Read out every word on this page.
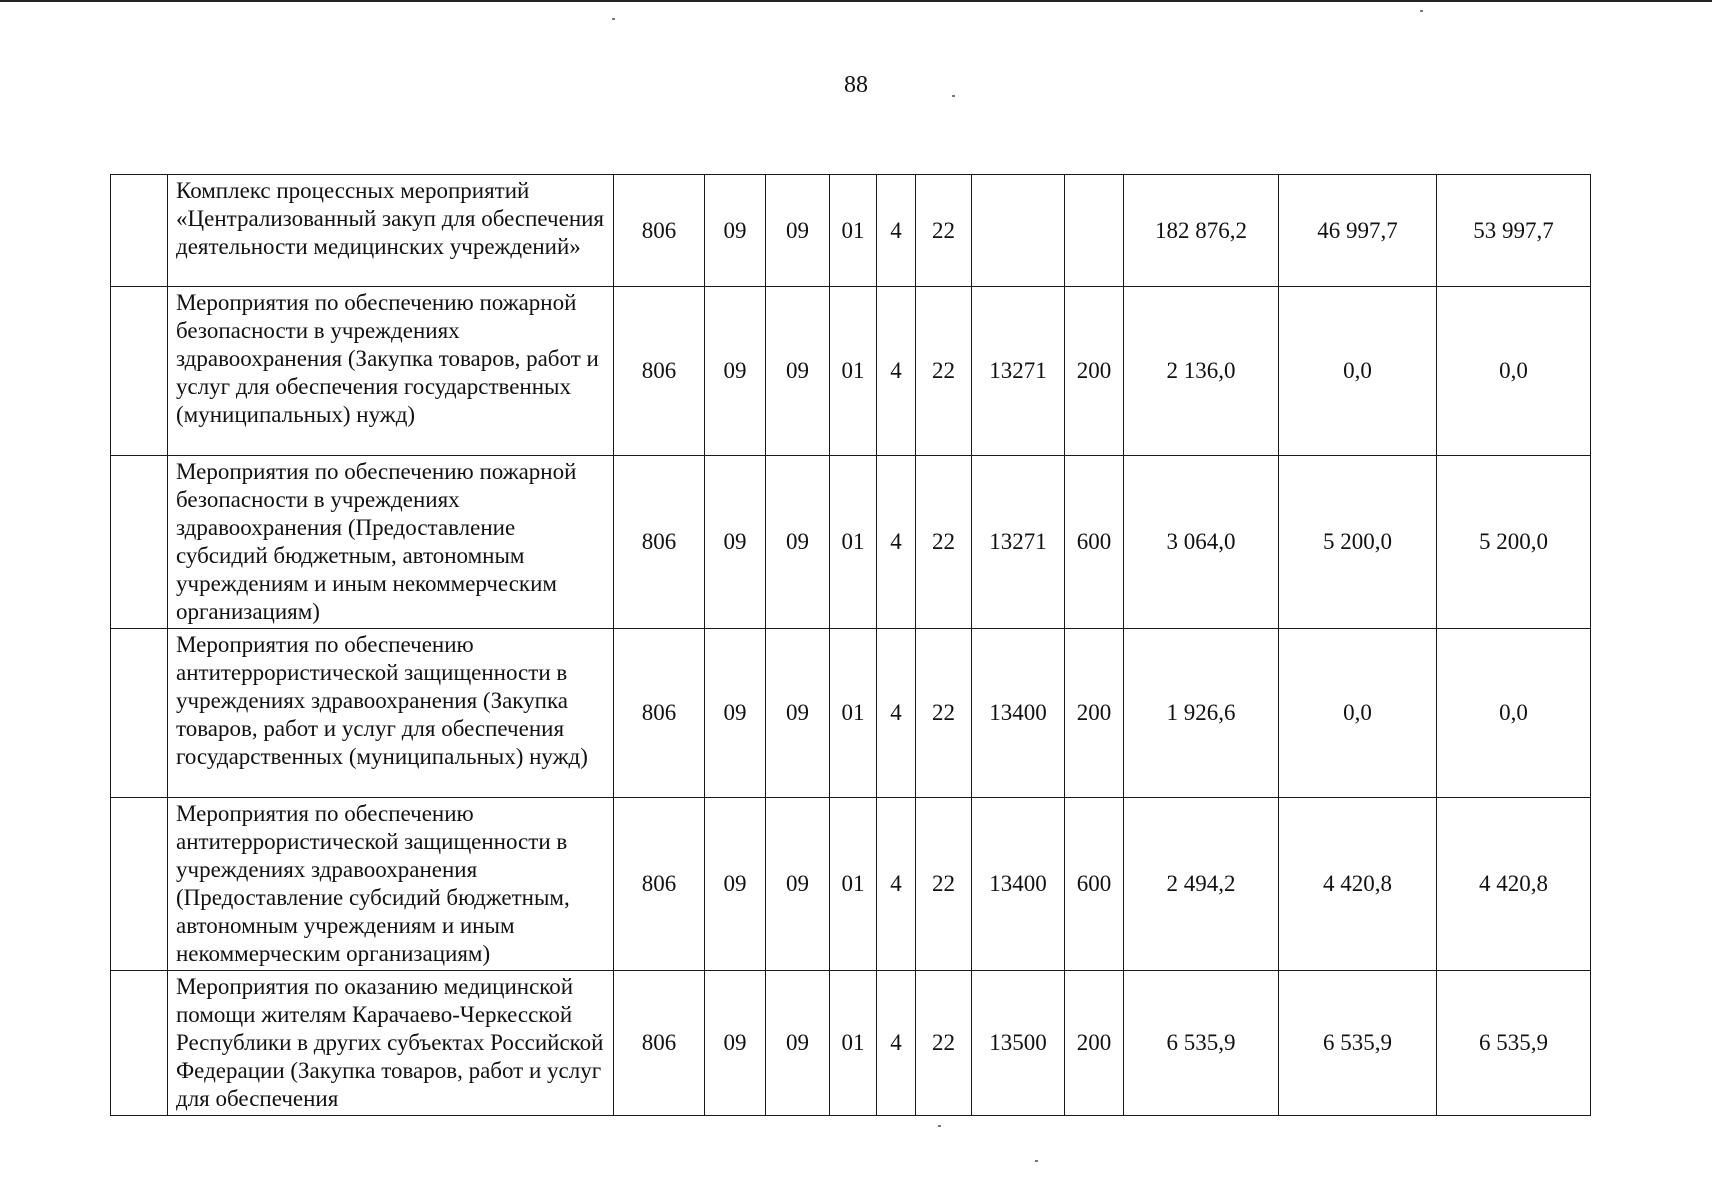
88
	Комплекс процессных мероприятий «Централизованный закуп для обеспечения деятельности медицинских учреждений»	806	09	09	01	4	22			182 876,2	46 997,7	53 997,7
	Мероприятия по обеспечению пожарной безопасности в учреждениях здравоохранения (Закупка товаров, работ и услуг для обеспечения государственных (муниципальных) нужд)	806	09	09	01	4	22	13271	200	2 136,0	0,0	0,0
	Мероприятия по обеспечению пожарной безопасности в учреждениях здравоохранения (Предоставление субсидий бюджетным, автономным учреждениям и иным некоммерческим организациям)	806	09	09	01	4	22	13271	600	3 064,0	5 200,0	5 200,0
	Мероприятия по обеспечению антитеррористической защищенности в учреждениях здравоохранения (Закупка товаров, работ и услуг для обеспечения государственных (муниципальных) нужд)	806	09	09	01	4	22	13400	200	1 926,6	0,0	0,0
	Мероприятия по обеспечению антитеррористической защищенности в учреждениях здравоохранения (Предоставление субсидий бюджетным, автономным учреждениям и иным некоммерческим организациям)	806	09	09	01	4	22	13400	600	2 494,2	4 420,8	4 420,8
	Мероприятия по оказанию медицинской помощи жителям Карачаево-Черкесской Республики в других субъектах Российской Федерации (Закупка товаров, работ и услуг для обеспечения	806	09	09	01	4	22	13500	200	6 535,9	6 535,9	6 535,9
